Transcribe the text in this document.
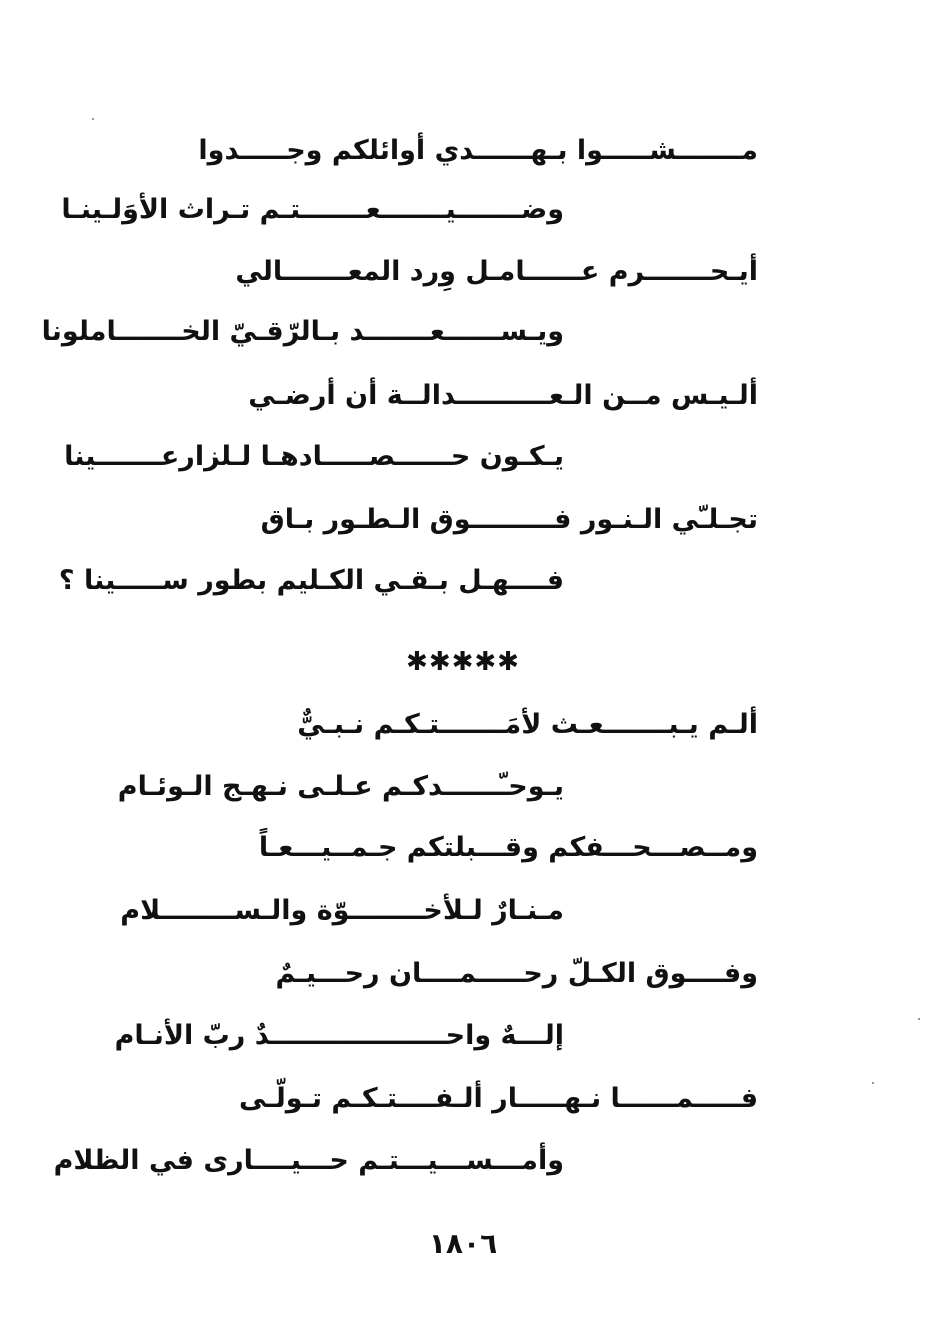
مـــــــشـــــوا بـهــــــدي أوائلكم وجـــــدوا
وضـــــــيـــــــعـــــــتـم تـراث الأوَلـينـا
أيـحـــــــرم عــــــامـل وِرد المعـــــــالي
ويـســــــعـــــــد بـالرّقـيّ الخـــــــاملونا
ألـيـس مــن الـعــــــــــدالــة أن أرضـي
يـكـون حــــــصـــــادهـا لـلزارعـــــــينا
تجـلـّي الـنـور فـــــــــوق الـطـور بـاق
فــــهـل بـقـي الكـليم بطور ســـــينا ؟
✱✱✱✱✱
ألـم يـبـــــــعـث لأمَـــــــتـكـم نـبـيٌّ
يـوحـّــــــدكـم عـلـى نـهـج الـوئـام
ومــصـــحـــفكم وقـــبلتكم جـمــيـــعـاً
مـنـارٌ لـلأخــــــــوّة والـســــــــلام
وفــــوق الكـلّ رحـــــمــــان رحـــيـمٌ
إلـــهٌ واحـــــــــــــــــــدٌ ربّ الأنـام
فـــــمــــــا نـهـــــار ألـفــــتـكـم تـولّـى
وأمـــســـيـــتـم حـــيــــارى في الظلام
١٨٠٦
